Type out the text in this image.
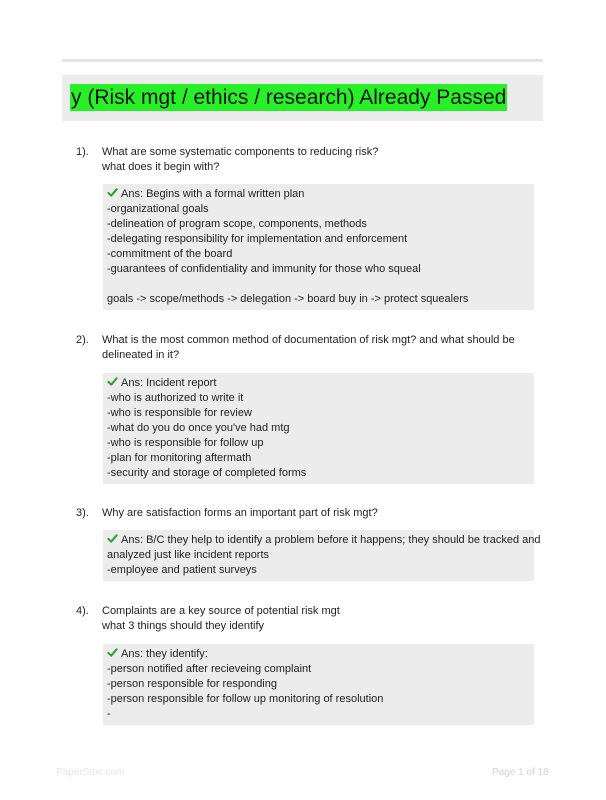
y (Risk mgt / ethics / research) Already Passed
1). What are some systematic components to reducing risk?
what does it begin with?
Ans: Begins with a formal written plan
-organizational goals
-delineation of program scope, components, methods
-delegating responsibility for implementation and enforcement
-commitment of the board
-guarantees of confidentiality and immunity for those who squeal
goals -> scope/methods -> delegation -> board buy in -> protect squealers
2). What is the most common method of documentation of risk mgt? and what should be
delineated in it?
Ans: Incident report
-who is authorized to write it
-who is responsible for review
-what do you do once you've had mtg
-who is responsible for follow up
-plan for monitoring aftermath
-security and storage of completed forms
3). Why are satisfaction forms an important part of risk mgt?
Ans: B/C they help to identify a problem before it happens; they should be tracked and
analyzed just like incident reports
-employee and patient surveys
4). Complaints are a key source of potential risk mgt
what 3 things should they identify
Ans: they identify:
-person notified after recieveing complaint
-person responsible for responding
-person responsible for follow up monitoring of resolution
-
PaperStbc.com	Page 1 of 18
